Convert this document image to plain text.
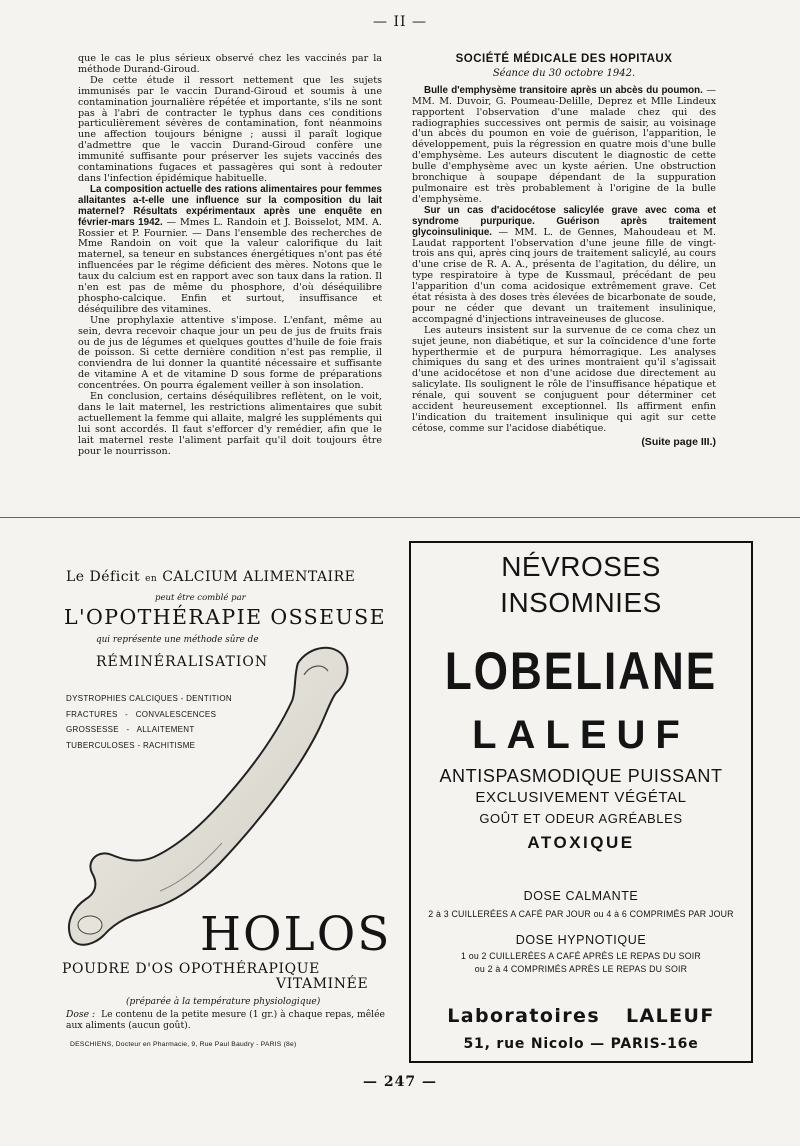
— II —

que le cas le plus sérieux observé chez les vaccinés par la méthode Durand-Giroud.

De cette étude il ressort nettement que les sujets immunisés par le vaccin Durand-Giroud et soumis à une contamination journalière répétée et importante, s'ils ne sont pas à l'abri de contracter le typhus dans ces conditions particulièrement sévères de contamination, font néanmoins une affection toujours bénigne ; aussi il paraît logique d'admettre que le vaccin Durand-Giroud confère une immunité suffisante pour préserver les sujets vaccinés des contaminations fugaces et passagères qui sont à redouter dans l'infection épidémique habituelle.

La composition actuelle des rations alimentaires pour femmes allaitantes a-t-elle une influence sur la composition du lait maternel? Résultats expérimentaux après une enquête en février-mars 1942. — Mmes L. Randoin et J. Boisselot, MM. A. Rossier et P. Fournier. — Dans l'ensemble des recherches de Mme Randoin on voit que la valeur calorifique du lait maternel, sa teneur en substances énergétiques n'ont pas été influencées par le régime déficient des mères. Notons que le taux du calcium est en rapport avec son taux dans la ration. Il n'en est pas de même du phosphore, d'où déséquilibre phospho-calcique. Enfin et surtout, insuffisance et déséquilibre des vitamines.

Une prophylaxie attentive s'impose. L'enfant, même au sein, devra recevoir chaque jour un peu de jus de fruits frais ou de jus de légumes et quelques gouttes d'huile de foie frais de poisson. Si cette dernière condition n'est pas remplie, il conviendra de lui donner la quantité nécessaire et suffisante de vitamine A et de vitamine D sous forme de préparations concentrées. On pourra également veiller à son insolation.

En conclusion, certains déséquilibres reflètent, on le voit, dans le lait maternel, les restrictions alimentaires que subit actuellement la femme qui allaite, malgré les suppléments qui lui sont accordés. Il faut s'efforcer d'y remédier, afin que le lait maternel reste l'aliment parfait qu'il doit toujours être pour le nourrisson.

SOCIÉTÉ MÉDICALE DES HOPITAUX
Séance du 30 octobre 1942.

Bulle d'emphysème transitoire après un abcès du poumon. — MM. M. Duvoir, G. Poumeau-Delille, Deprez et Mlle Lindeux rapportent l'observation d'une malade chez qui des radiographies successives ont permis de saisir, au voisinage d'un abcès du poumon en voie de guérison, l'apparition, le développement, puis la régression en quatre mois d'une bulle d'emphysème. Les auteurs discutent le diagnostic de cette bulle d'emphysème avec un kyste aérien. Une obstruction bronchique à soupape dépendant de la suppuration pulmonaire est très probablement à l'origine de la bulle d'emphysème.

Sur un cas d'acidocétose salicylée grave avec coma et syndrome purpurique. Guérison après traitement glycoinsulinique. — MM. L. de Gennes, Mahoudeau et M. Laudat rapportent l'observation d'une jeune fille de vingt-trois ans qui, après cinq jours de traitement salicylé, au cours d'une crise de R. A. A., présenta de l'agitation, du délire, un type respiratoire à type de Kussmaul, précédant de peu l'apparition d'un coma acidosique extrêmement grave. Cet état résista à des doses très élevées de bicarbonate de soude, pour ne céder que devant un traitement insulinique, accompagné d'injections intraveineuses de glucose.

Les auteurs insistent sur la survenue de ce coma chez un sujet jeune, non diabétique, et sur la coïncidence d'une forte hyperthermie et de purpura hémorragique. Les analyses chimiques du sang et des urines montraient qu'il s'agissait d'une acidocétose et non d'une acidose due directement au salicylate. Ils soulignent le rôle de l'insuffisance hépatique et rénale, qui souvent se conjuguent pour déterminer cet accident heureusement exceptionnel. Ils affirment enfin l'indication du traitement insulinique qui agit sur cette cétose, comme sur l'acidose diabétique.

(Suite page III.)
Le Déficit en CALCIUM ALIMENTAIRE
peut être comblé par
L'OPOTHÉRAPIE OSSEUSE
qui représente une méthode sûre de
RÉMINÉRALISATION
DYSTROPHIES CALCIQUES - DENTITION
FRACTURES   -   CONVALESCENCES
GROSSESSE   -   ALLAITEMENT
TUBERCULOSES - RACHITISME
HOLOS
POUDRE D'OS OPOTHÉRAPIQUE
VITAMINÉE
(préparée à la température physiologique)
Dose : Le contenu de la petite mesure (1 gr.) à chaque repas, mêlée aux aliments (aucun goût).
DESCHIENS, Docteur en Pharmacie, 9, Rue Paul Baudry - PARIS (8e)
NÉVROSES
INSOMNIES
LOBELIANE
LALEUF
ANTISPASMODIQUE PUISSANT
EXCLUSIVEMENT VÉGÉTAL
GOÛT ET ODEUR AGRÉABLES
ATOXIQUE
DOSE CALMANTE
2 à 3 CUILLERÉES A CAFÉ PAR JOUR ou 4 à 6 COMPRIMÉS PAR JOUR
DOSE HYPNOTIQUE
1 ou 2 CUILLERÉES A CAFÉ APRÈS LE REPAS DU SOIR
ou 2 à 4 COMPRIMÉS APRÈS LE REPAS DU SOIR
Laboratoires LALEUF
51, rue Nicolo — PARIS-16e
— 247 —
